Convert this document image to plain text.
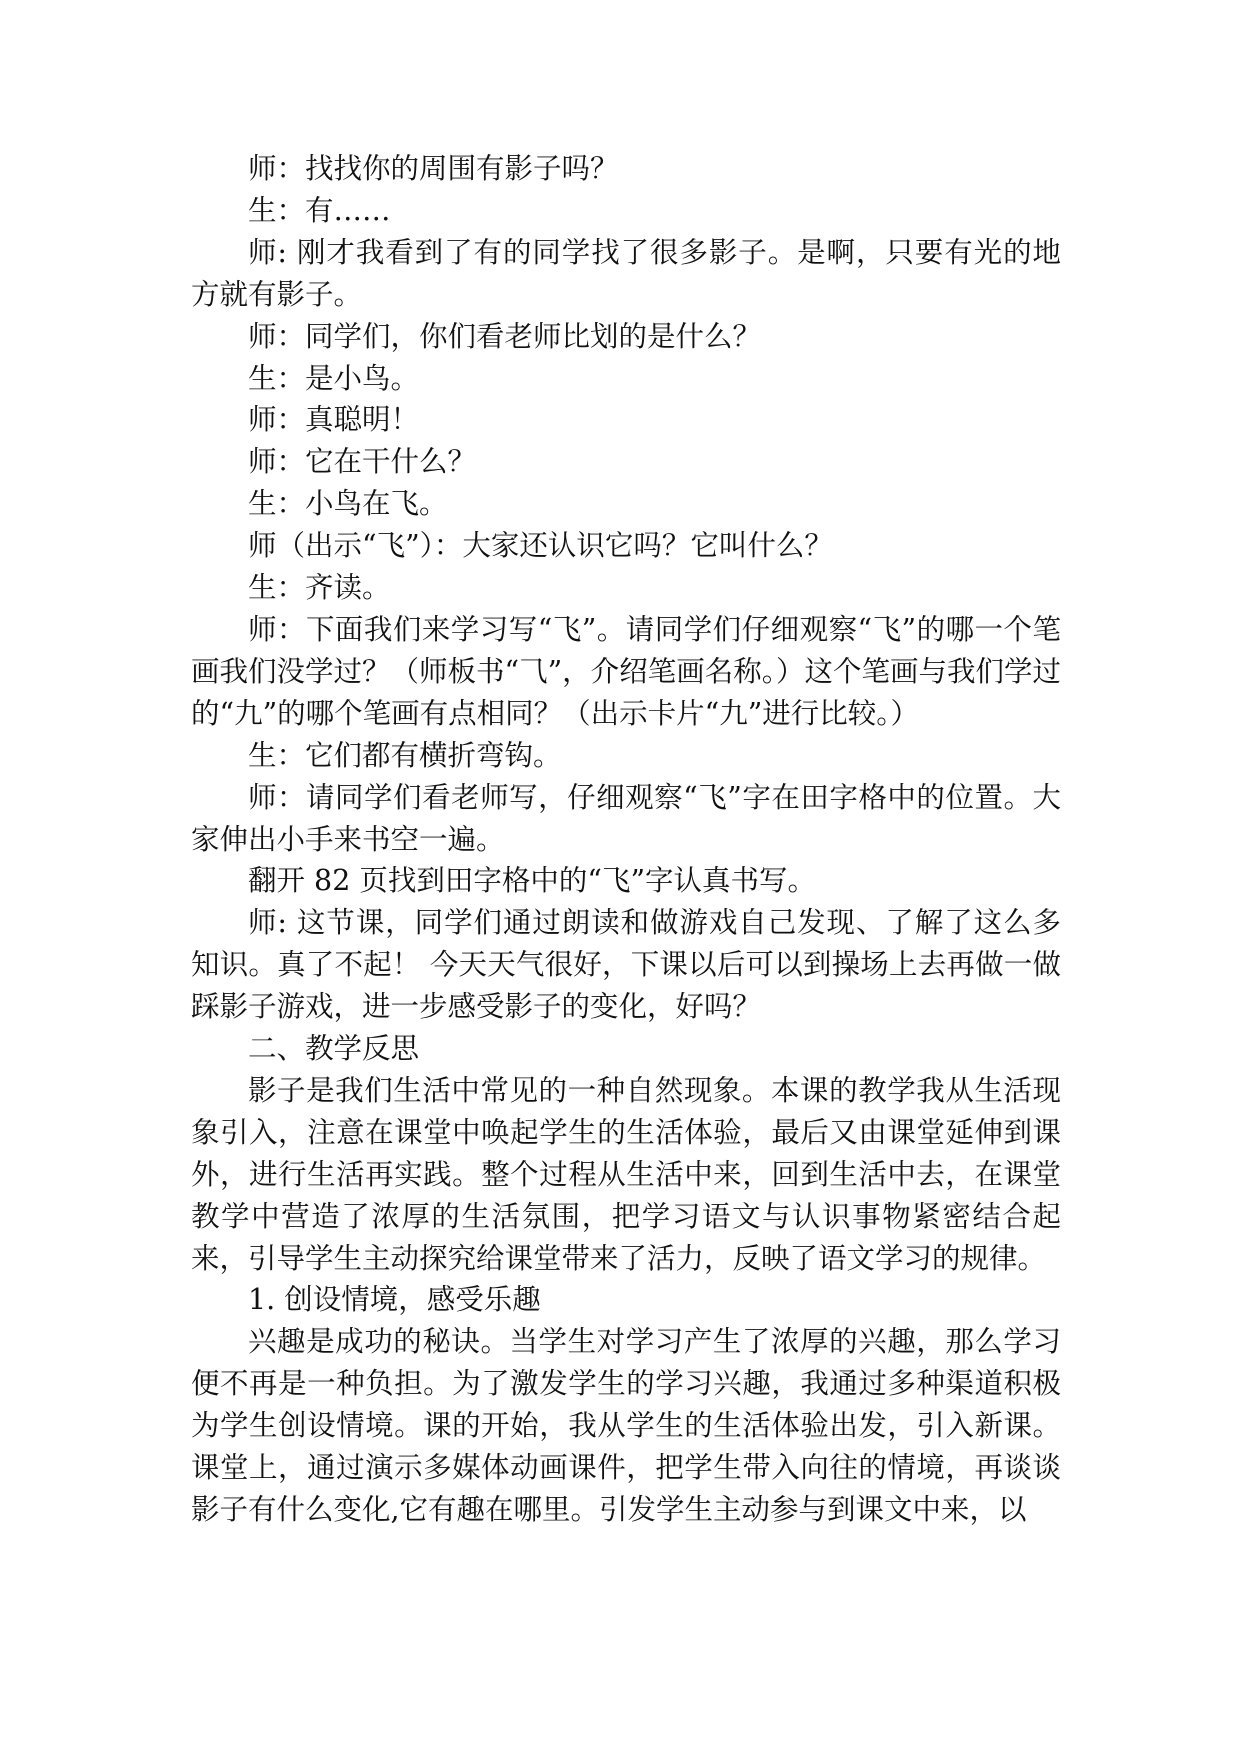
师：找找你的周围有影子吗？

生：有……

师: 刚才我看到了有的同学找了很多影子。是啊，只要有光的地方就有影子。

师：同学们，你们看老师比划的是什么？

生：是小鸟。

师：真聪明！

师：它在干什么？

生：小鸟在飞。

师（出示“飞”）：大家还认识它吗？它叫什么？

生：齐读。

师：下面我们来学习写“飞”。请同学们仔细观察“飞”的哪一个笔画我们没学过？（师板书“⺄”，介绍笔画名称。）这个笔画与我们学过的“九”的哪个笔画有点相同？（出示卡片“九”进行比较。）

生：它们都有横折弯钩。

师：请同学们看老师写，仔细观察“飞”字在田字格中的位置。大家伸出小手来书空一遍。

翻开 82 页找到田字格中的“飞”字认真书写。

师: 这节课，同学们通过朗读和做游戏自己发现、了解了这么多知识。真了不起！ 今天天气很好，下课以后可以到操场上去再做一做踩影子游戏，进一步感受影子的变化，好吗？

二、教学反思

影子是我们生活中常见的一种自然现象。本课的教学我从生活现象引入，注意在课堂中唤起学生的生活体验，最后又由课堂延伸到课外，进行生活再实践。整个过程从生活中来，回到生活中去，在课堂教学中营造了浓厚的生活氛围，把学习语文与认识事物紧密结合起来，引导学生主动探究给课堂带来了活力，反映了语文学习的规律。

1. 创设情境，感受乐趣

兴趣是成功的秘诀。当学生对学习产生了浓厚的兴趣，那么学习便不再是一种负担。为了激发学生的学习兴趣，我通过多种渠道积极为学生创设情境。课的开始，我从学生的生活体验出发，引入新课。课堂上，通过演示多媒体动画课件，把学生带入向往的情境，再谈谈影子有什么变化,它有趣在哪里。引发学生主动参与到课文中来，以
